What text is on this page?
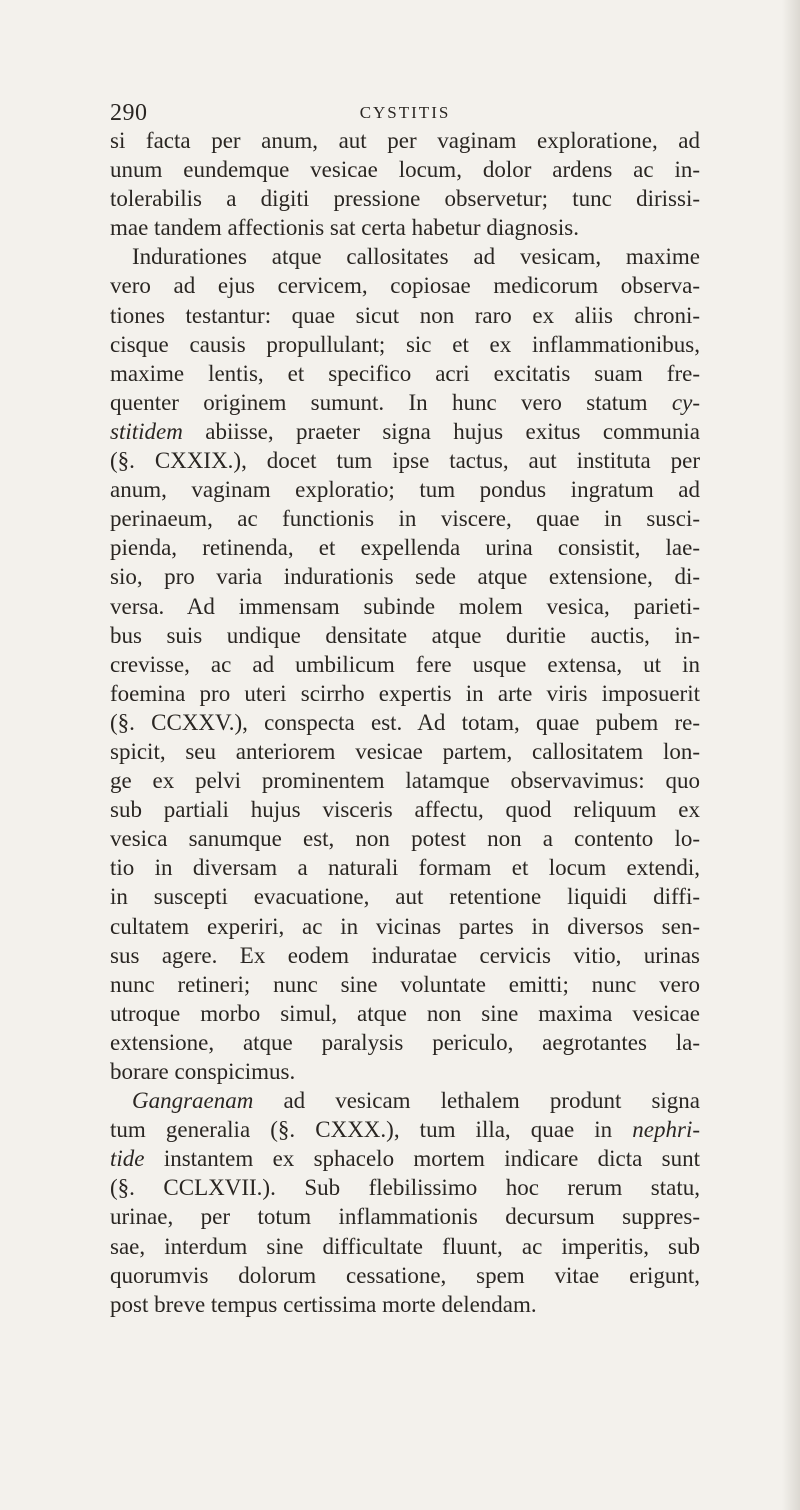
290	CYSTITIS
si facta per anum, aut per vaginam exploratione, ad
unum eundemque vesicae locum, dolor ardens ac in-
tolerabilis a digiti pressione observetur; tunc dirissi-
mae tandem affectionis sat certa habetur diagnosis.
Indurationes atque callositates ad vesicam, maxime
vero ad ejus cervicem, copiosae medicorum observa-
tiones testantur: quae sicut non raro ex aliis chroni-
cisque causis propullulant; sic et ex inflammationibus,
maxime lentis, et specifico acri excitatis suam fre-
quenter originem sumunt. In hunc vero statum cy-
stitidem abiisse, praeter signa hujus exitus communia
(§. CXXIX.), docet tum ipse tactus, aut instituta per
anum, vaginam exploratio; tum pondus ingratum ad
perinaeum, ac functionis in viscere, quae in susci-
pienda, retinenda, et expellenda urina consistit, lae-
sio, pro varia indurationis sede atque extensione, di-
versa. Ad immensam subinde molem vesica, parieti-
bus suis undique densitate atque duritie auctis, in-
crevisse, ac ad umbilicum fere usque extensa, ut in
foemina pro uteri scirrho expertis in arte viris imposuerit
(§. CCXXV.), conspecta est. Ad totam, quae pubem re-
spicit, seu anteriorem vesicae partem, callositatem lon-
ge ex pelvi prominentem latamque observavimus: quo
sub partiali hujus visceris affectu, quod reliquum ex
vesica sanumque est, non potest non a contento lo-
tio in diversam a naturali formam et locum extendi,
in suscepti evacuatione, aut retentione liquidi diffi-
cultatem experiri, ac in vicinas partes in diversos sen-
sus agere. Ex eodem induratae cervicis vitio, urinas
nunc retineri; nunc sine voluntate emitti; nunc vero
utroque morbo simul, atque non sine maxima vesicae
extensione, atque paralysis periculo, aegrotantes la-
borare conspicimus.
Gangraenam ad vesicam lethalem produnt signa
tum generalia (§. CXXX.), tum illa, quae in nephri-
tide instantem ex sphacelo mortem indicare dicta sunt
(§. CCLXVII.). Sub flebilissimo hoc rerum statu,
urinae, per totum inflammationis decursum suppres-
sae, interdum sine difficultate fluunt, ac imperitis, sub
quorumvis dolorum cessatione, spem vitae erigunt,
post breve tempus certissima morte delendam.
